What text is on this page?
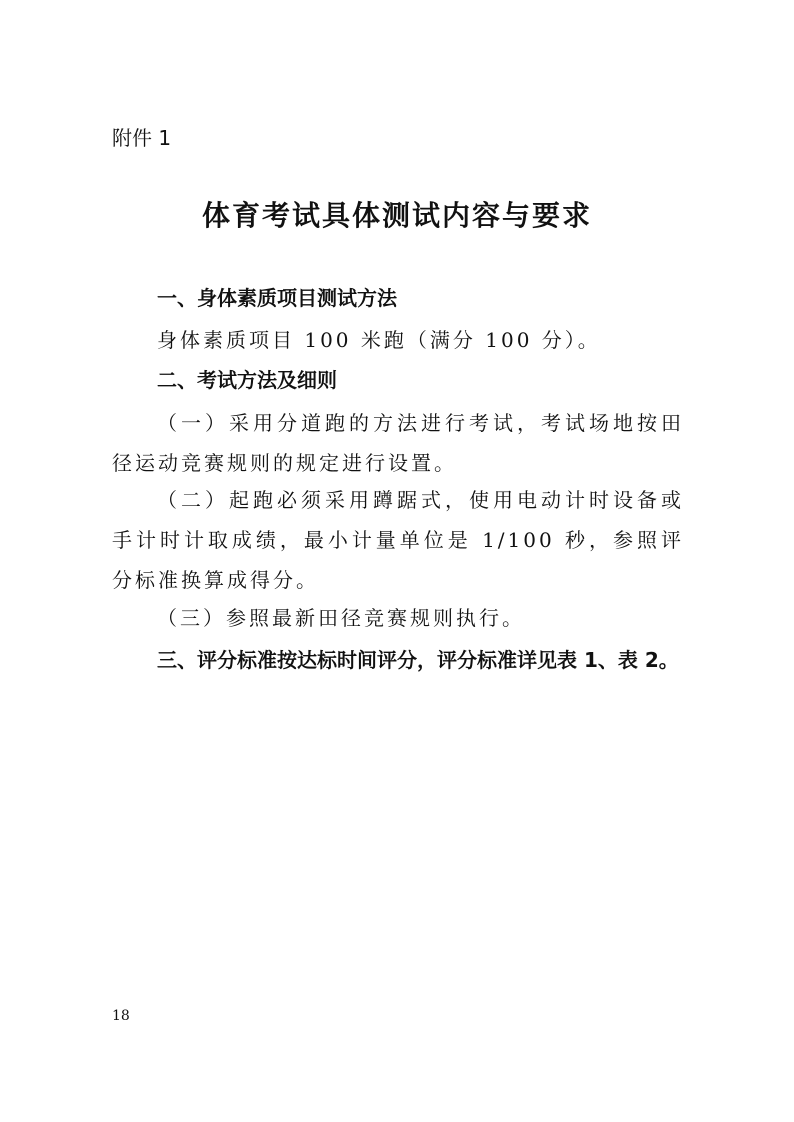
附件 1
体育考试具体测试内容与要求
一、身体素质项目测试方法
身体素质项目 100 米跑（满分 100 分）。
二、考试方法及细则
（一）采用分道跑的方法进行考试，考试场地按田径运动竞赛规则的规定进行设置。
（二）起跑必须采用蹲踞式，使用电动计时设备或手计时计取成绩，最小计量单位是 1/100 秒，参照评分标准换算成得分。
（三）参照最新田径竞赛规则执行。
三、评分标准按达标时间评分，评分标准详见表 1、表 2。
18
